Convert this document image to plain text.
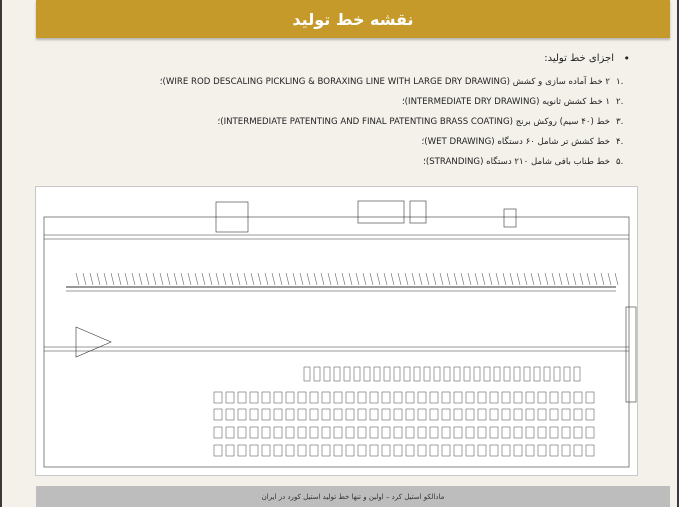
نقشه خط تولید
•
اجزای خط تولید:
.۱
۲ خط آماده سازی و کشش (WIRE ROD DESCALING PICKLING & BORAXING LINE WITH LARGE DRY DRAWING)؛
.۲
۱ خط کشش ثانویه (INTERMEDIATE DRY DRAWING)؛
.۳
خط (۴۰ سیم) روکش برنج (INTERMEDIATE PATENTING AND FINAL PATENTING BRASS COATING)؛
.۴
خط کشش تر شامل ۶۰ دستگاه (WET DRAWING)؛
.۵
خط طناب بافی شامل ۲۱۰ دستگاه (STRANDING)؛
مادالکو استیل کرد – اولین و تنها خط تولید استیل کورد در ایران
